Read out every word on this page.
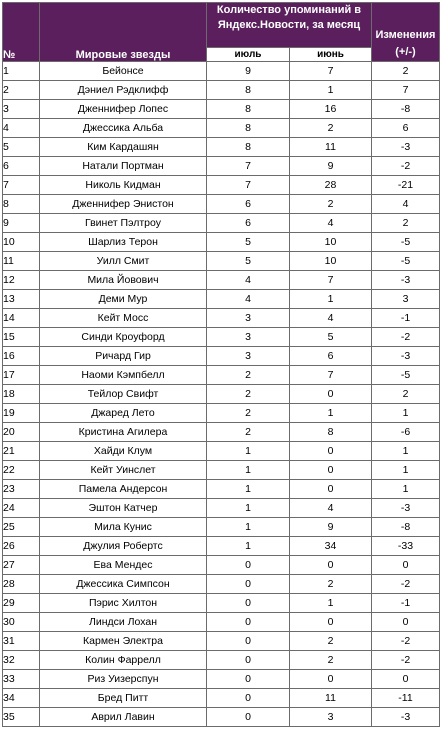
№	Мировые звезды	Количество упоминаний в Яндекс.Новости, за месяц		Изменения (+/-)
		июль	июнь	
1	Бейонсе	9	7	2
2	Дэниел Рэдклифф	8	1	7
3	Дженнифер Лопес	8	16	-8
4	Джессика Альба	8	2	6
5	Ким Кардашян	8	11	-3
6	Натали Портман	7	9	-2
7	Николь Кидман	7	28	-21
8	Дженнифер Энистон	6	2	4
9	Гвинет Пэлтроу	6	4	2
10	Шарлиз Терон	5	10	-5
11	Уилл Смит	5	10	-5
12	Мила Йовович	4	7	-3
13	Деми Мур	4	1	3
14	Кейт Мосс	3	4	-1
15	Синди Кроуфорд	3	5	-2
16	Ричард Гир	3	6	-3
17	Наоми Кэмпбелл	2	7	-5
18	Тейлор Свифт	2	0	2
19	Джаред Лето	2	1	1
20	Кристина Агилера	2	8	-6
21	Хайди Клум	1	0	1
22	Кейт Уинслет	1	0	1
23	Памела Андерсон	1	0	1
24	Эштон Катчер	1	4	-3
25	Мила Кунис	1	9	-8
26	Джулия Робертс	1	34	-33
27	Ева Мендес	0	0	0
28	Джессика Симпсон	0	2	-2
29	Пэрис Хилтон	0	1	-1
30	Линдси Лохан	0	0	0
31	Кармен Электра	0	2	-2
32	Колин Фаррелл	0	2	-2
33	Риз Уизерспун	0	0	0
34	Бред Питт	0	11	-11
35	Аврил Лавин	0	3	-3
